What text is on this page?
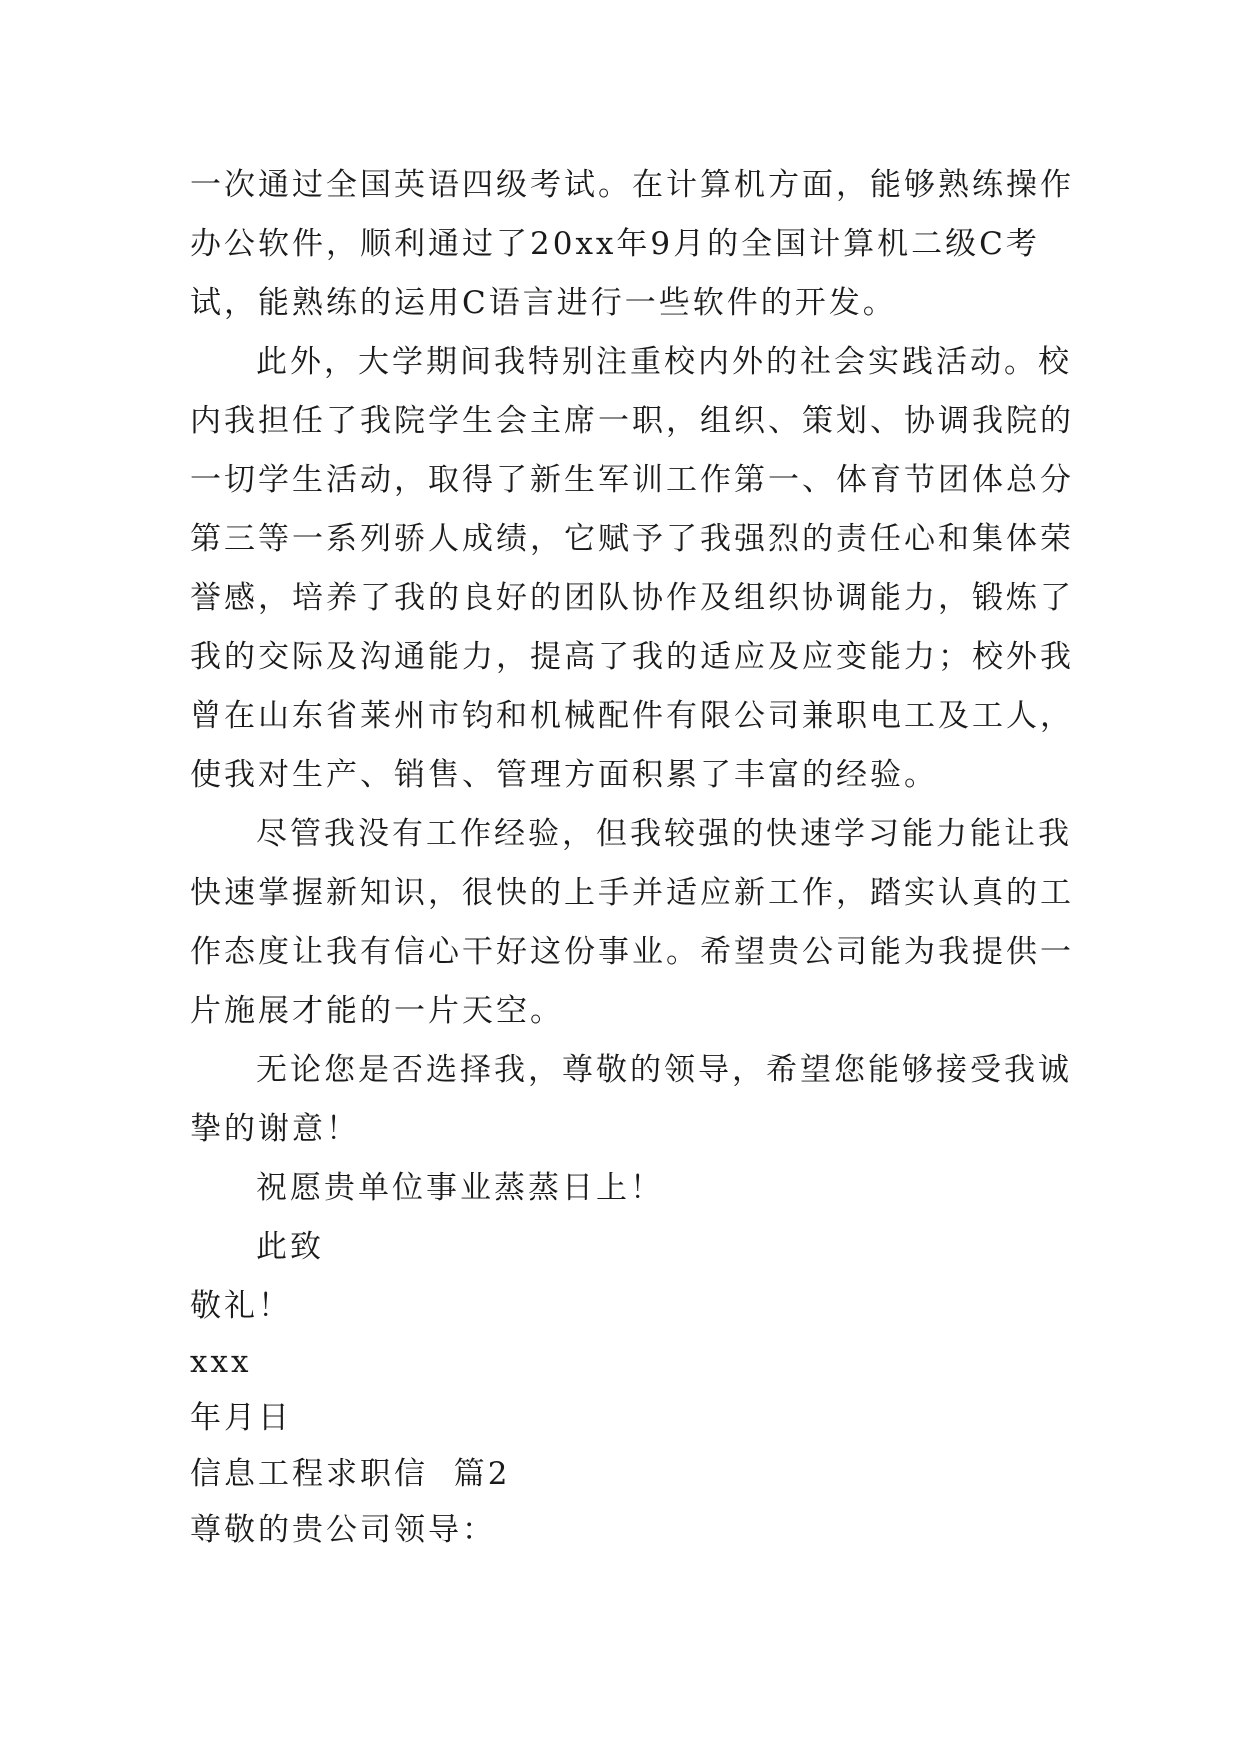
一次通过全国英语四级考试。在计算机方面，能够熟练操作
办公软件，顺利通过了20xx年9月的全国计算机二级C考
试，能熟练的运用C语言进行一些软件的开发。
此外，大学期间我特别注重校内外的社会实践活动。校
内我担任了我院学生会主席一职，组织、策划、协调我院的
一切学生活动，取得了新生军训工作第一、体育节团体总分
第三等一系列骄人成绩，它赋予了我强烈的责任心和集体荣
誉感，培养了我的良好的团队协作及组织协调能力，锻炼了
我的交际及沟通能力，提高了我的适应及应变能力；校外我
曾在山东省莱州市钧和机械配件有限公司兼职电工及工人，
使我对生产、销售、管理方面积累了丰富的经验。
尽管我没有工作经验，但我较强的快速学习能力能让我
快速掌握新知识，很快的上手并适应新工作，踏实认真的工
作态度让我有信心干好这份事业。希望贵公司能为我提供一
片施展才能的一片天空。
无论您是否选择我，尊敬的领导，希望您能够接受我诚
挚的谢意！
祝愿贵单位事业蒸蒸日上！
此致
敬礼！
xxx
年月日
信息工程求职信  篇2
尊敬的贵公司领导：
